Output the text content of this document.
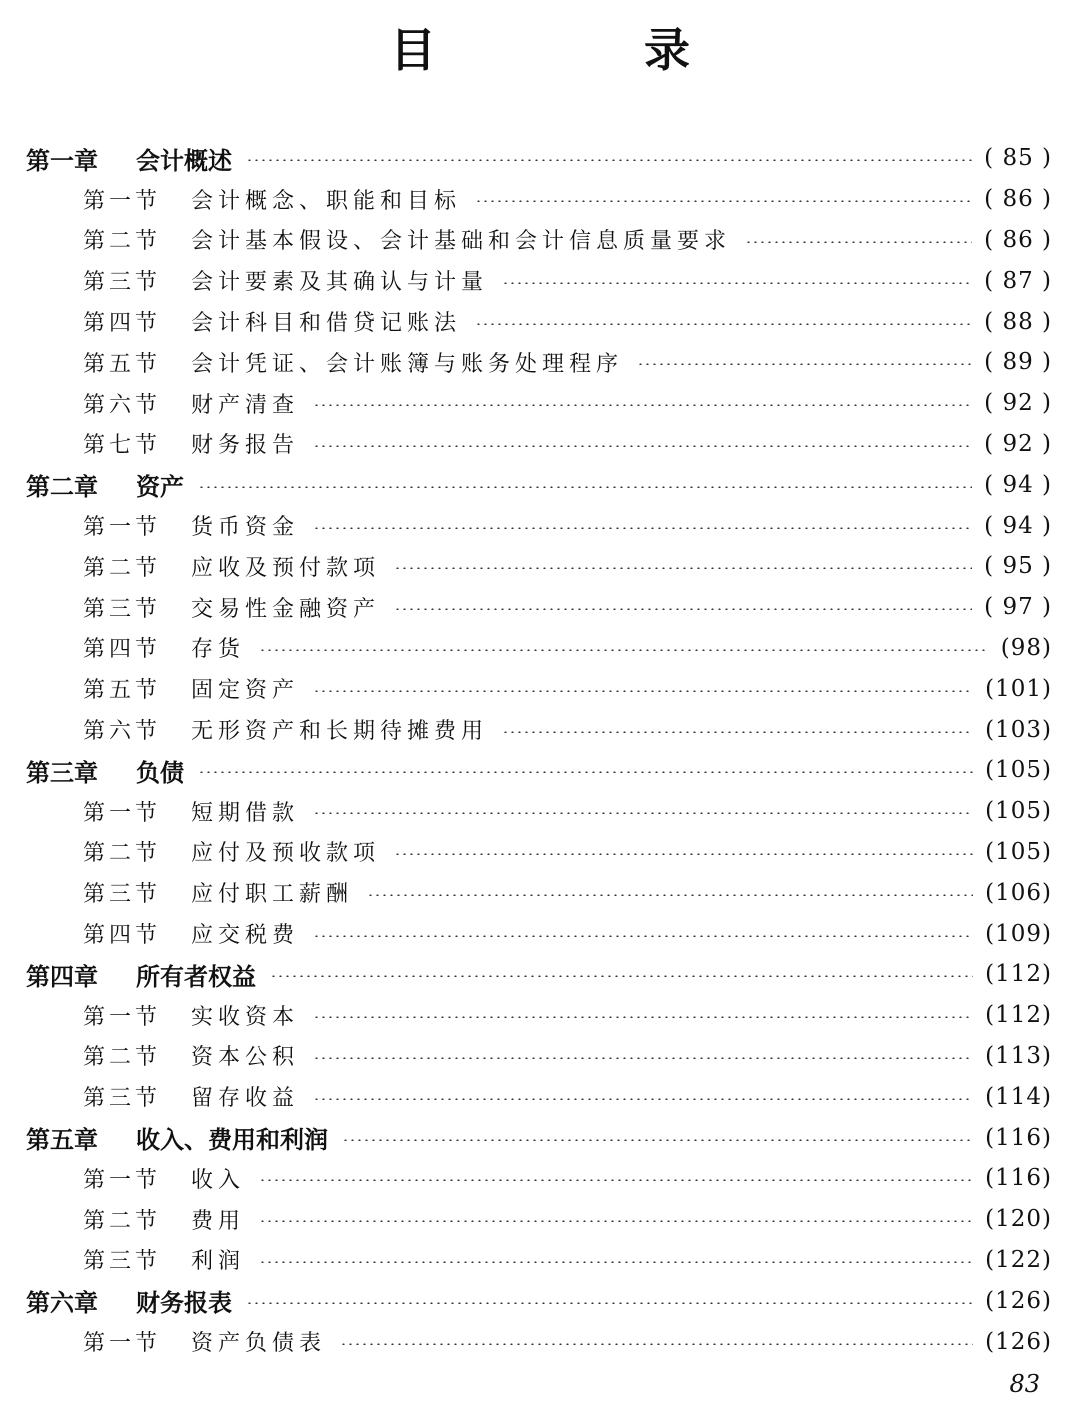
目 录
第一章	会计概述	( 85 )
第一节	会计概念、职能和目标	( 86 )
第二节	会计基本假设、会计基础和会计信息质量要求	( 86 )
第三节	会计要素及其确认与计量	( 87 )
第四节	会计科目和借贷记账法	( 88 )
第五节	会计凭证、会计账簿与账务处理程序	( 89 )
第六节	财产清查	( 92 )
第七节	财务报告	( 92 )
第二章	资产	( 94 )
第一节	货币资金	( 94 )
第二节	应收及预付款项	( 95 )
第三节	交易性金融资产	( 97 )
第四节	存货	(98)
第五节	固定资产	(101)
第六节	无形资产和长期待摊费用	(103)
第三章	负债	(105)
第一节	短期借款	(105)
第二节	应付及预收款项	(105)
第三节	应付职工薪酬	(106)
第四节	应交税费	(109)
第四章	所有者权益	(112)
第一节	实收资本	(112)
第二节	资本公积	(113)
第三节	留存收益	(114)
第五章	收入、费用和利润	(116)
第一节	收入	(116)
第二节	费用	(120)
第三节	利润	(122)
第六章	财务报表	(126)
第一节	资产负债表	(126)
83
